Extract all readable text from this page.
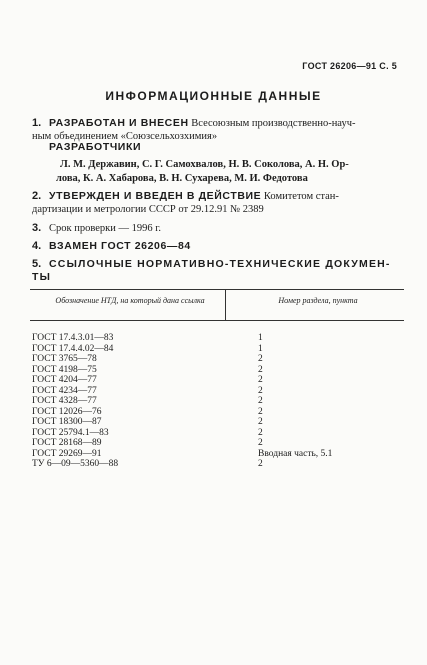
ГОСТ 26206—91 С. 5
ИНФОРМАЦИОННЫЕ ДАННЫЕ
1. РАЗРАБОТАН И ВНЕСЕН Всесоюзным производственно-науч-
ным объединением «Союзсельхозхимия»
РАЗРАБОТЧИКИ
Л. М. Державин, С. Г. Самохвалов, Н. В. Соколова, А. Н. Ор-
лова, К. А. Хабарова, В. Н. Сухарева, М. И. Федотова
2. УТВЕРЖДЕН И ВВЕДЕН В ДЕЙСТВИЕ Комитетом стан-
дартизации и метрологии СССР от 29.12.91 № 2389
3. Срок проверки — 1996 г.
4. ВЗАМЕН ГОСТ 26206—84
5. ССЫЛОЧНЫЕ НОРМАТИВНО-ТЕХНИЧЕСКИЕ ДОКУМЕН-
ТЫ
Обозначение НТД, на который дана ссылка	Номер раздела, пункта
ГОСТ 17.4.3.01—83	1
ГОСТ 17.4.4.02—84	1
ГОСТ 3765—78	2
ГОСТ 4198—75	2
ГОСТ 4204—77	2
ГОСТ 4234—77	2
ГОСТ 4328—77	2
ГОСТ 12026—76	2
ГОСТ 18300—87	2
ГОСТ 25794.1—83	2
ГОСТ 28168—89	2
ГОСТ 29269—91	Вводная часть, 5.1
ТУ 6—09—5360—88	2
